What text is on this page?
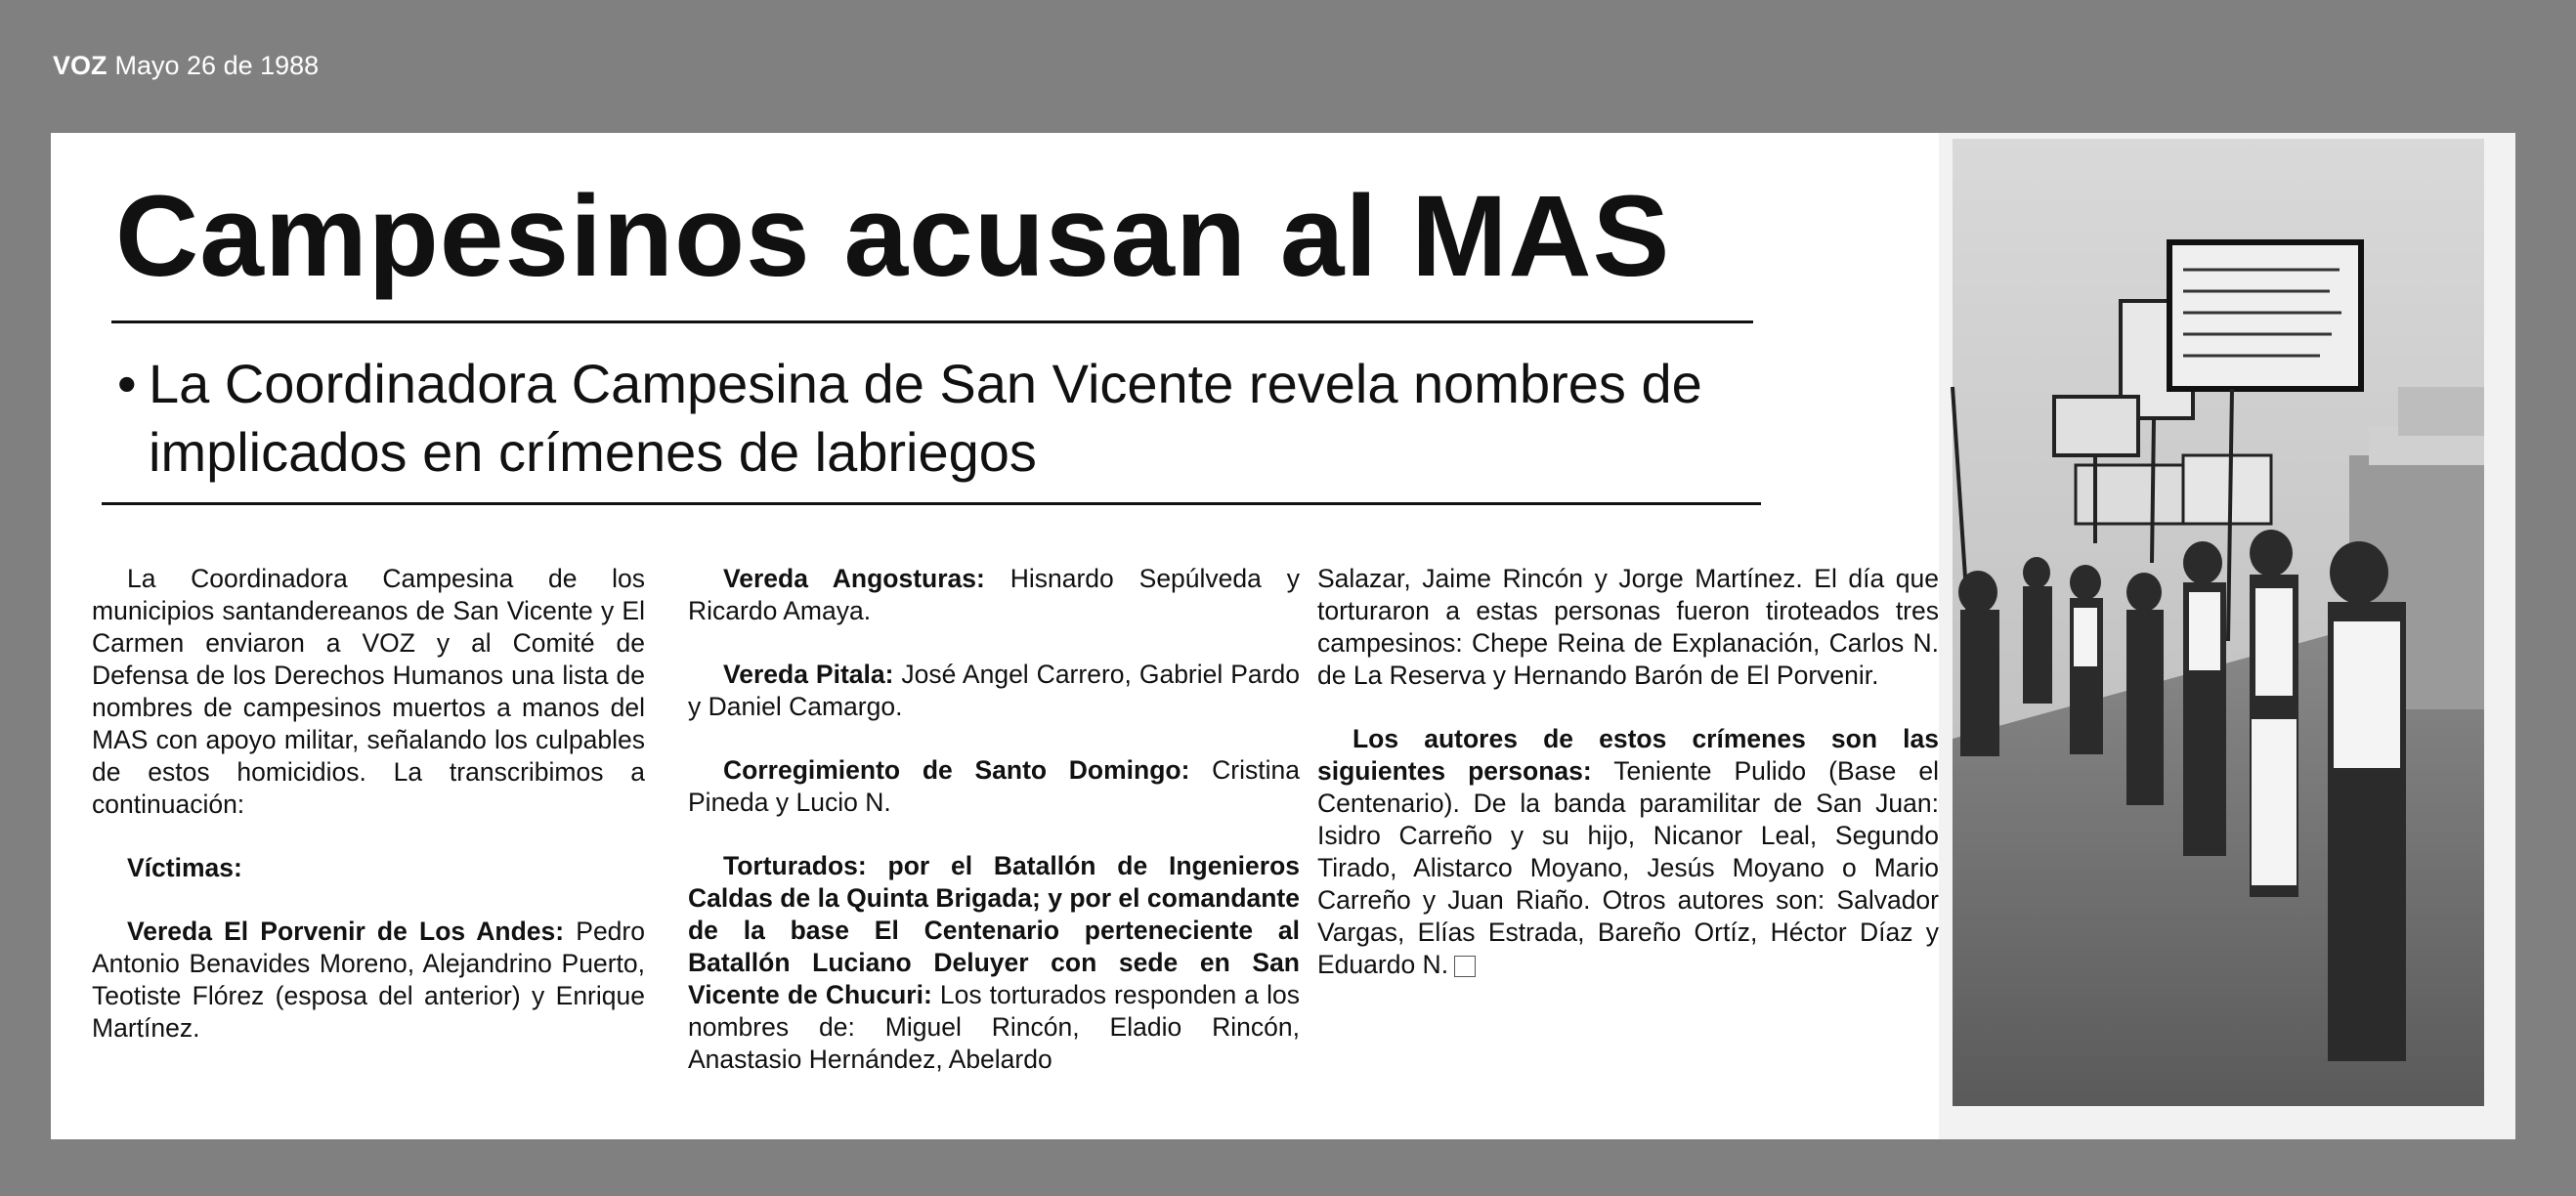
VOZ Mayo 26 de 1988
Campesinos acusan al MAS
• La Coordinadora Campesina de San Vicente revela nombres de implicados en crímenes de labriegos

La Coordinadora Campesina de los municipios santandereanos de San Vicente y El Carmen enviaron a VOZ y al Comité de Defensa de los Derechos Humanos una lista de nombres de campesinos muertos a manos del MAS con apoyo militar, señalando los culpables de estos homicidios. La transcribimos a continuación:

Víctimas:

Vereda El Porvenir de Los Andes: Pedro Antonio Benavides Moreno, Alejandrino Puerto, Teotiste Flórez (esposa del anterior) y Enrique Martínez.

Vereda Angosturas: Hisnardo Sepúlveda y Ricardo Amaya.

Vereda Pitala: José Angel Carrero, Gabriel Pardo y Daniel Camargo.

Corregimiento de Santo Domingo: Cristina Pineda y Lucio N.

Torturados: por el Batallón de Ingenieros Caldas de la Quinta Brigada; y por el comandante de la base El Centenario perteneciente al Batallón Luciano Deluyer con sede en San Vicente de Chucuri: Los torturados responden a los nombres de: Miguel Rincón, Eladio Rincón, Anastasio Hernández, Abelardo

Salazar, Jaime Rincón y Jorge Martínez. El día que torturaron a estas personas fueron tiroteados tres campesinos: Chepe Reina de Explanación, Carlos N. de La Reserva y Hernando Barón de El Porvenir.

Los autores de estos crímenes son las siguientes personas: Teniente Pulido (Base el Centenario). De la banda paramilitar de San Juan: Isidro Carreño y su hijo, Nicanor Leal, Segundo Tirado, Alistarco Moyano, Jesús Moyano o Mario Carreño y Juan Riaño. Otros autores son: Salvador Vargas, Elías Estrada, Bareño Ortíz, Héctor Díaz y Eduardo N.
